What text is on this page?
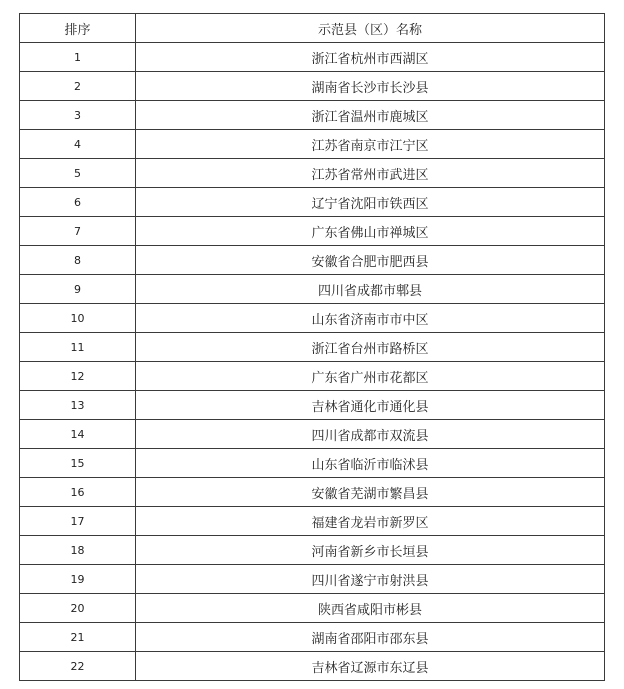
排序	示范县（区）名称
1	浙江省杭州市西湖区
2	湖南省长沙市长沙县
3	浙江省温州市鹿城区
4	江苏省南京市江宁区
5	江苏省常州市武进区
6	辽宁省沈阳市铁西区
7	广东省佛山市禅城区
8	安徽省合肥市肥西县
9	四川省成都市郫县
10	山东省济南市市中区
11	浙江省台州市路桥区
12	广东省广州市花都区
13	吉林省通化市通化县
14	四川省成都市双流县
15	山东省临沂市临沭县
16	安徽省芜湖市繁昌县
17	福建省龙岩市新罗区
18	河南省新乡市长垣县
19	四川省遂宁市射洪县
20	陕西省咸阳市彬县
21	湖南省邵阳市邵东县
22	吉林省辽源市东辽县
